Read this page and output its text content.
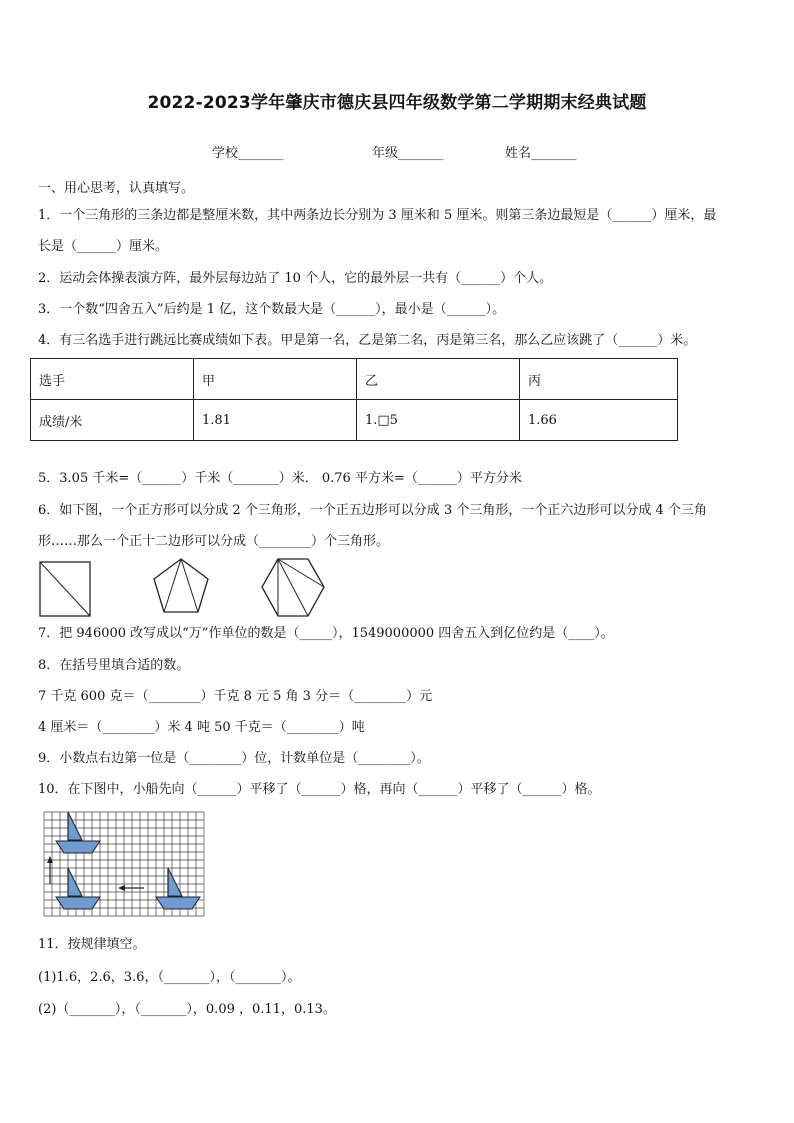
2022-2023学年肇庆市德庆县四年级数学第二学期期末经典试题
学校_______	年级_______	姓名_______
一、用心思考，认真填写。
1．一个三角形的三条边都是整厘米数，其中两条边长分别为 3 厘米和 5 厘米。则第三条边最短是（______）厘米，最
长是（______）厘米。
2．运动会体操表演方阵，最外层每边站了 10 个人，它的最外层一共有（______）个人。
3．一个数“四舍五入”后约是 1 亿，这个数最大是（______），最小是（______）。
4．有三名选手进行跳远比赛成绩如下表。甲是第一名，乙是第二名，丙是第三名，那么乙应该跳了（______）米。
选手	甲	乙	丙
成绩/米	1.81	1.□5	1.66
5．3.05 千米=（______）千米（_______）米． 0.76 平方米=（______）平方分米
6．如下图，一个正方形可以分成 2 个三角形，一个正五边形可以分成 3 个三角形，一个正六边形可以分成 4 个三角
形……那么一个正十二边形可以分成（________）个三角形。
7．把 946000 改写成以“万”作单位的数是（_____），1549000000 四舍五入到亿位约是（____）。
8．在括号里填合适的数。
7 千克 600 克＝（________）千克 8 元 5 角 3 分＝（________）元
4 厘米＝（________）米 4 吨 50 千克＝（________）吨
9．小数点右边第一位是（________）位，计数单位是（________）。
10．在下图中，小船先向（______）平移了（______）格，再向（______）平移了（______）格。
11．按规律填空。
(1)1.6，2.6，3.6，（_______），（_______）。
(2)（_______），（_______），0.09 ，0.11，0.13。
